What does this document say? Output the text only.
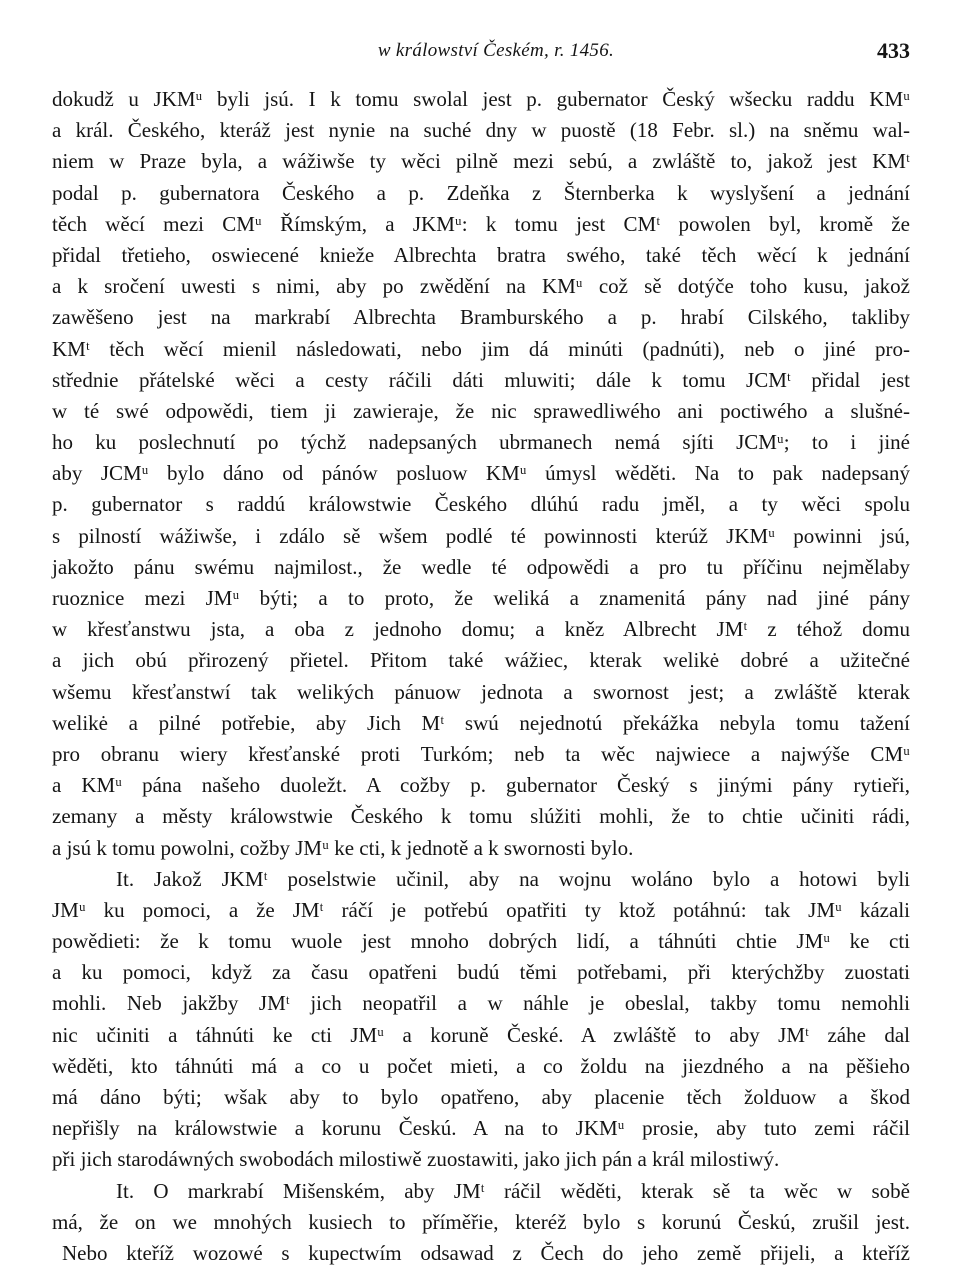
w králowství Českém, r. 1456.	433
dokudž u JKMᵘ byli jsú. I k tomu swolal jest p. gubernator Český wšecku raddu KMᵘ
a král. Českého, kteráž jest nynie na suché dny w puostě (18 Febr. sl.) na sněmu wal-
niem w Praze byla, a wážiwše ty wěci pilně mezi sebú, a zwláště to, jakož jest KMᵗ
podal p. gubernatora Českého a p. Zdeňka z Šternberka k wyslyšení a jednání
těch wěcí mezi CMᵘ Římským, a JKMᵘ: k tomu jest CMᵗ powolen byl, kromě že
přidal třetieho, oswiecené knieže Albrechta bratra swého, také těch wěcí k jednání
a k sročení uwesti s nimi, aby po zwědění na KMᵘ což sě dotýče toho kusu, jakož
zawěšeno jest na markrabí Albrechta Bramburského a p. hrabí Cilského, takliby
KMᵗ těch wěcí mienil následowati, nebo jim dá minúti (padnúti), neb o jiné pro-
střednie přátelské wěci a cesty ráčili dáti mluwiti; dále k tomu JCMᵗ přidal jest
w té swé odpowědi, tiem ji zawieraje, že nic sprawedliwého ani poctiwého a slušné-
ho ku poslechnutí po týchž nadepsaných ubrmanech nemá sjíti JCMᵘ; to i jiné
aby JCMᵘ bylo dáno od pánów posluow KMᵘ úmysl wěděti. Na to pak nadepsaný
p. gubernator s raddú králowstwie Českého dlúhú radu jměl, a ty wěci spolu
s pilností wážiwše, i zdálo sě wšem podlé té powinnosti kterúž JKMᵘ powinni jsú,
jakožto pánu swému najmilost., že wedle té odpowědi a pro tu příčinu nejmělaby
ruoznice mezi JMᵘ býti; a to proto, že weliká a znamenitá pány nad jiné pány
w křesťanstwu jsta, a oba z jednoho domu; a kněz Albrecht JMᵗ z téhož domu
a jich obú přirozený přietel. Přitom také wážiec, kterak welikė dobré a užitečné
wšemu křesťanstwí tak welikých pánuow jednota a swornost jest; a zwláště kterak
welikė a pilné potřebie, aby Jich Mᵗ swú nejednotú překážka nebyla tomu tažení
pro obranu wiery křesťanské proti Turkóm; neb ta wěc najwiece a najwýše CMᵘ
a KMᵘ pána našeho duoležt. A cožby p. gubernator Český s jinými pány rytieři,
zemany a městy králowstwie Českého k tomu slúžiti mohli, že to chtie učiniti rádi,
a jsú k tomu powolni, cožby JMᵘ ke cti, k jednotě a k swornosti bylo.
It. Jakož JKMᵗ poselstwie učinil, aby na wojnu woláno bylo a hotowi byli
JMᵘ ku pomoci, a že JMᵗ ráčí je potřebú opatřiti ty ktož potáhnú: tak JMᵘ kázali
powědieti: že k tomu wuole jest mnoho dobrých lidí, a táhnúti chtie JMᵘ ke cti
a ku pomoci, když za času opatřeni budú těmi potřebami, při kterýchžby zuostati
mohli. Neb jakžby JMᵗ jich neopatřil a w náhle je obeslal, takby tomu nemohli
nic učiniti a táhnúti ke cti JMᵘ a koruně České. A zwláště to aby JMᵗ záhe dal
wěděti, kto táhnúti má a co u počet mieti, a co žoldu na jiezdného a na pěšieho
má dáno býti; wšak aby to bylo opatřeno, aby placenie těch žolduow a škod
nepřišly na králowstwie a korunu Českú. A na to JKMᵘ prosie, aby tuto zemi ráčil
při jich starodáwných swobodách milostiwě zuostawiti, jako jich pán a král milostiwý.
It. O markrabí Mišenském, aby JMᵗ ráčil wěděti, kterak sě ta wěc w sobě
má, že on we mnohých kusiech to příměřie, kteréž bylo s korunú Českú, zrušil jest.
Nebo kteříž wozowé s kupectwím odsawad z Čech do jeho země přijeli, a kteříž
